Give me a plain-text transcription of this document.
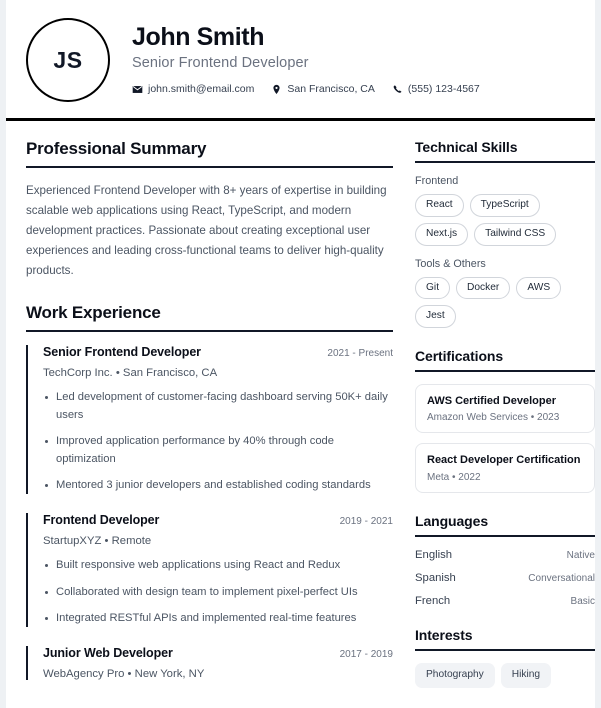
JS
John Smith
Senior Frontend Developer
john.smith@email.com	San Francisco, CA	(555) 123-4567
Professional Summary
Experienced Frontend Developer with 8+ years of expertise in building scalable web applications using React, TypeScript, and modern development practices. Passionate about creating exceptional user experiences and leading cross-functional teams to deliver high-quality products.
Work Experience
Senior Frontend Developer	2021 - Present
TechCorp Inc. • San Francisco, CA
Led development of customer-facing dashboard serving 50K+ daily users
Improved application performance by 40% through code optimization
Mentored 3 junior developers and established coding standards
Frontend Developer	2019 - 2021
StartupXYZ • Remote
Built responsive web applications using React and Redux
Collaborated with design team to implement pixel-perfect UIs
Integrated RESTful APIs and implemented real-time features
Junior Web Developer	2017 - 2019
WebAgency Pro • New York, NY
Technical Skills
Frontend
React	TypeScript
Next.js	Tailwind CSS
Tools & Others
Git	Docker	AWS
Jest
Certifications
AWS Certified Developer
Amazon Web Services • 2023
React Developer Certification
Meta • 2022
Languages
English	Native
Spanish	Conversational
French	Basic
Interests
Photography	Hiking
